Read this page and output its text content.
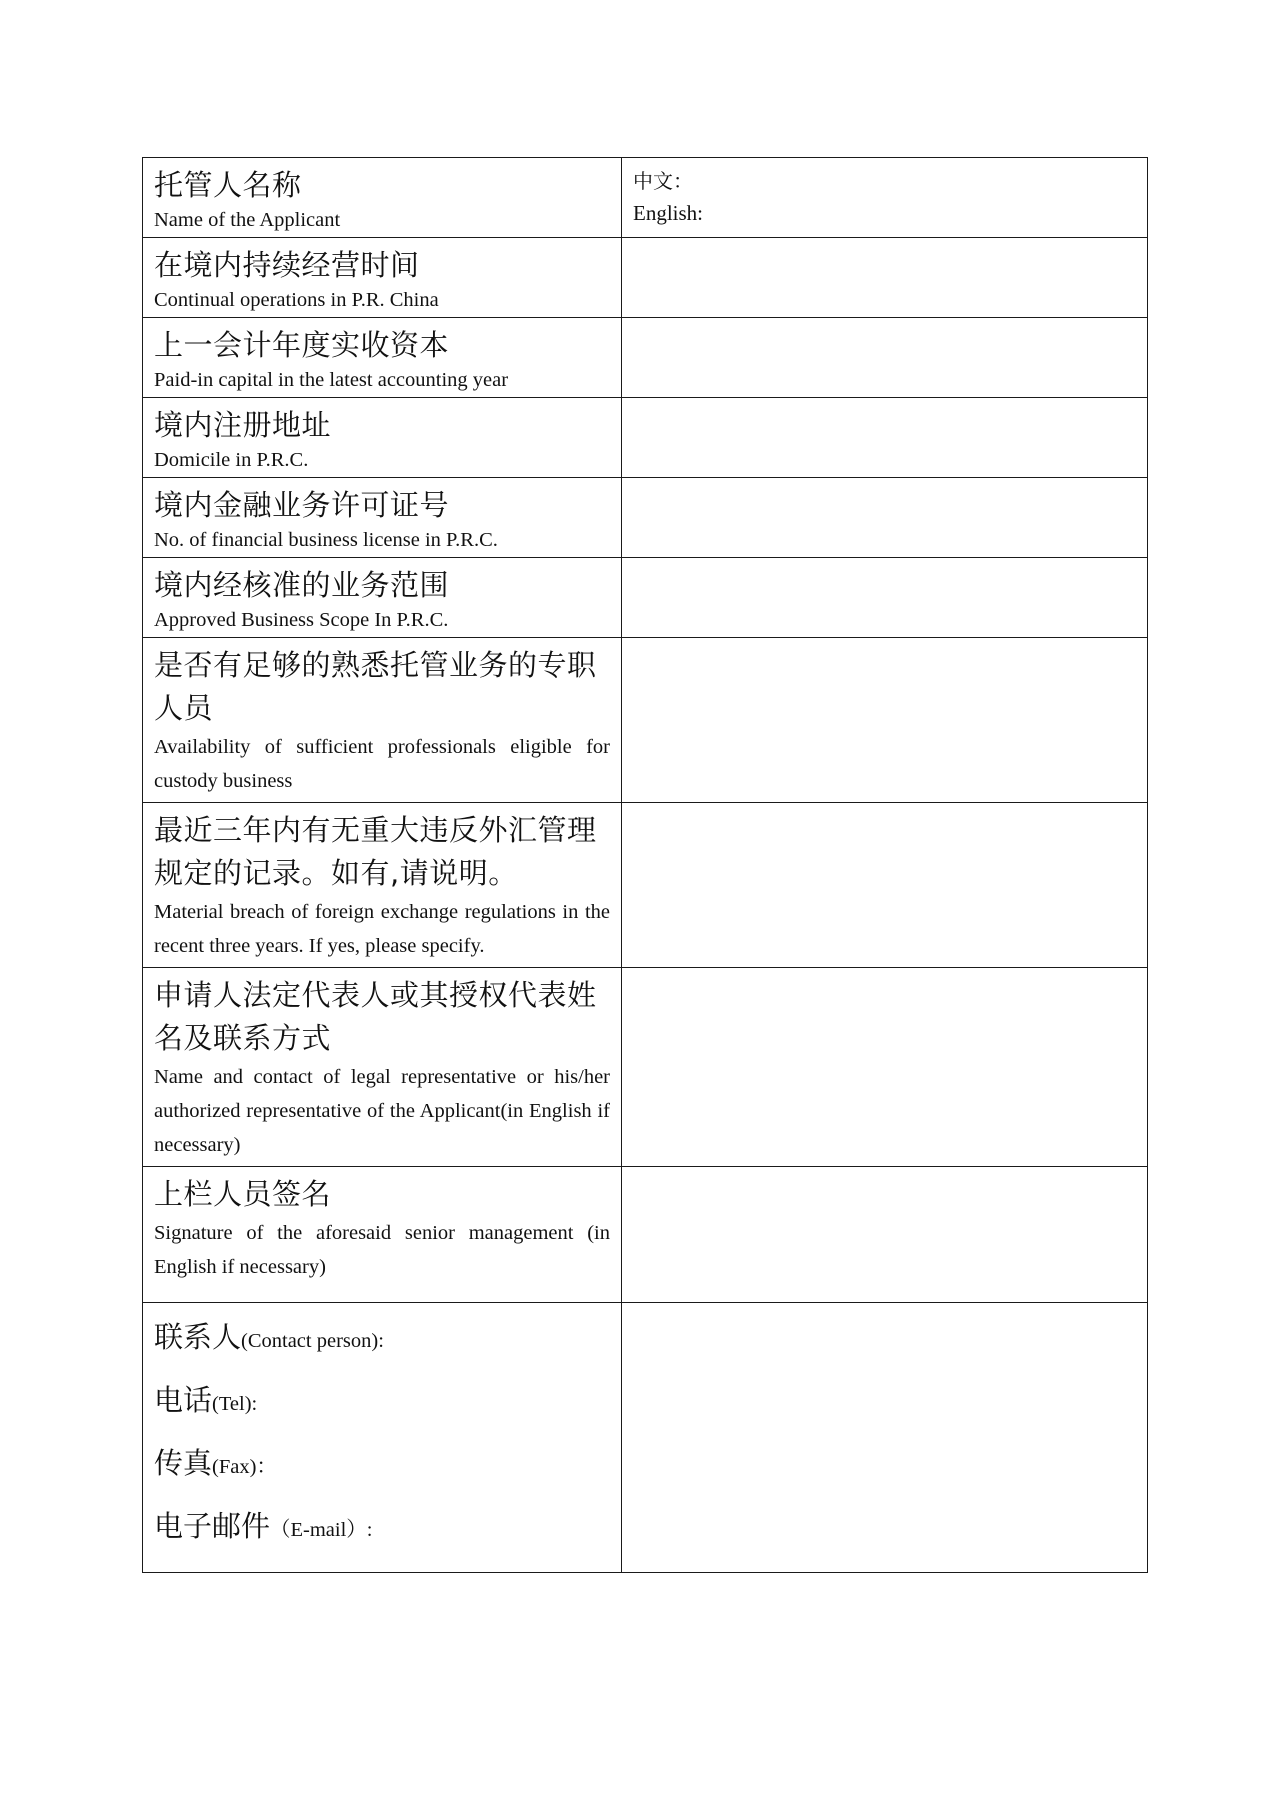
托管人名称
Name of the Applicant	中文：
English:

在境内持续经营时间
Continual operations in P.R. China	

上一会计年度实收资本
Paid-in capital in the latest accounting year	

境内注册地址
Domicile in P.R.C.	

境内金融业务许可证号
No. of financial business license in P.R.C.	

境内经核准的业务范围
Approved Business Scope In P.R.C.	

是否有足够的熟悉托管业务的专职人员
Availability of sufficient professionals eligible for custody business	

最近三年内有无重大违反外汇管理规定的记录。如有,请说明。
Material breach of foreign exchange regulations in the recent three years. If yes, please specify.	

申请人法定代表人或其授权代表姓名及联系方式
Name and contact of legal representative or his/her authorized representative of the Applicant(in English if necessary)	

上栏人员签名
Signature of the aforesaid senior management (in English if necessary)	

联系人(Contact person):
电话(Tel):
传真(Fax)：
电子邮件（E-mail）:	
